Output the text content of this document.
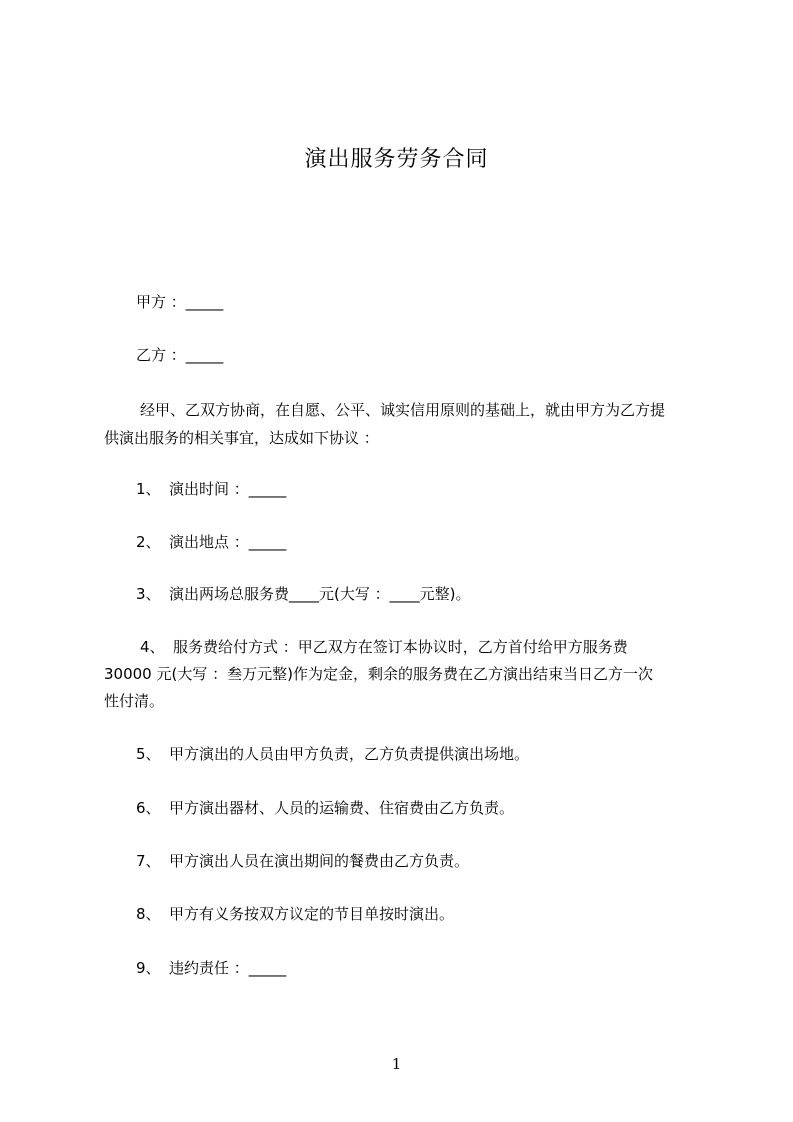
演出服务劳务合同
甲方 ：_____
乙方 ：_____
经甲、乙双方协商，在自愿、公平、诚实信用原则的基础上，就由甲方为乙方提
供演出服务的相关事宜，达成如下协议 ：
1、 演出时间 ：_____
2、 演出地点 ：_____
3、 演出两场总服务费____元(大写 ：____元整)。
4、 服务费给付方式 ：甲乙双方在签订本协议时，乙方首付给甲方服务费
30000 元(大写 ：叁万元整)作为定金，剩余的服务费在乙方演出结束当日乙方一次
性付清。
5、 甲方演出的人员由甲方负责，乙方负责提供演出场地。
6、 甲方演出器材、人员的运输费、住宿费由乙方负责。
7、 甲方演出人员在演出期间的餐费由乙方负责。
8、 甲方有义务按双方议定的节目单按时演出。
9、 违约责任 ：_____
1
